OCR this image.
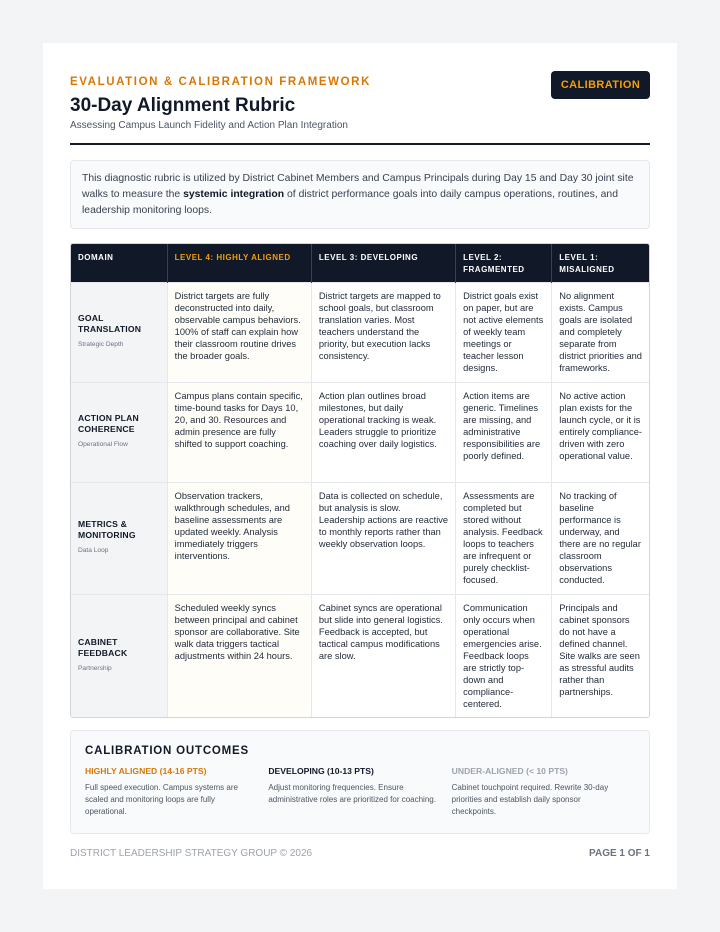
EVALUATION & CALIBRATION FRAMEWORK
30-Day Alignment Rubric
Assessing Campus Launch Fidelity and Action Plan Integration
CALIBRATION
This diagnostic rubric is utilized by District Cabinet Members and Campus Principals during Day 15 and Day 30 joint site walks to measure the systemic integration of district performance goals into daily campus operations, routines, and leadership monitoring loops.
DOMAIN	LEVEL 4: HIGHLY ALIGNED	LEVEL 3: DEVELOPING	LEVEL 2: FRAGMENTED	LEVEL 1: MISALIGNED

GOAL TRANSLATION
Strategic Depth	District targets are fully deconstructed into daily, observable campus behaviors. 100% of staff can explain how their classroom routine drives the broader goals.	District targets are mapped to school goals, but classroom translation varies. Most teachers understand the priority, but execution lacks consistency.	District goals exist on paper, but are not active elements of weekly team meetings or teacher lesson designs.	No alignment exists. Campus goals are isolated and completely separate from district priorities and frameworks.

ACTION PLAN COHERENCE
Operational Flow	Campus plans contain specific, time-bound tasks for Days 10, 20, and 30. Resources and admin presence are fully shifted to support coaching.	Action plan outlines broad milestones, but daily operational tracking is weak. Leaders struggle to prioritize coaching over daily logistics.	Action items are generic. Timelines are missing, and administrative responsibilities are poorly defined.	No active action plan exists for the launch cycle, or it is entirely compliance-driven with zero operational value.

METRICS & MONITORING
Data Loop	Observation trackers, walkthrough schedules, and baseline assessments are updated weekly. Analysis immediately triggers interventions.	Data is collected on schedule, but analysis is slow. Leadership actions are reactive to monthly reports rather than weekly observation loops.	Assessments are completed but stored without analysis. Feedback loops to teachers are infrequent or purely checklist-focused.	No tracking of baseline performance is underway, and there are no regular classroom observations conducted.

CABINET FEEDBACK
Partnership	Scheduled weekly syncs between principal and cabinet sponsor are collaborative. Site walk data triggers tactical adjustments within 24 hours.	Cabinet syncs are operational but slide into general logistics. Feedback is accepted, but tactical campus modifications are slow.	Communication only occurs when operational emergencies arise. Feedback loops are strictly top-down and compliance-centered.	Principals and cabinet sponsors do not have a defined channel. Site walks are seen as stressful audits rather than partnerships.
CALIBRATION OUTCOMES
HIGHLY ALIGNED (14-16 PTS)
Full speed execution. Campus systems are scaled and monitoring loops are fully operational.
DEVELOPING (10-13 PTS)
Adjust monitoring frequencies. Ensure administrative roles are prioritized for coaching.
UNDER-ALIGNED (< 10 PTS)
Cabinet touchpoint required. Rewrite 30-day priorities and establish daily sponsor checkpoints.
DISTRICT LEADERSHIP STRATEGY GROUP © 2026	PAGE 1 OF 1
